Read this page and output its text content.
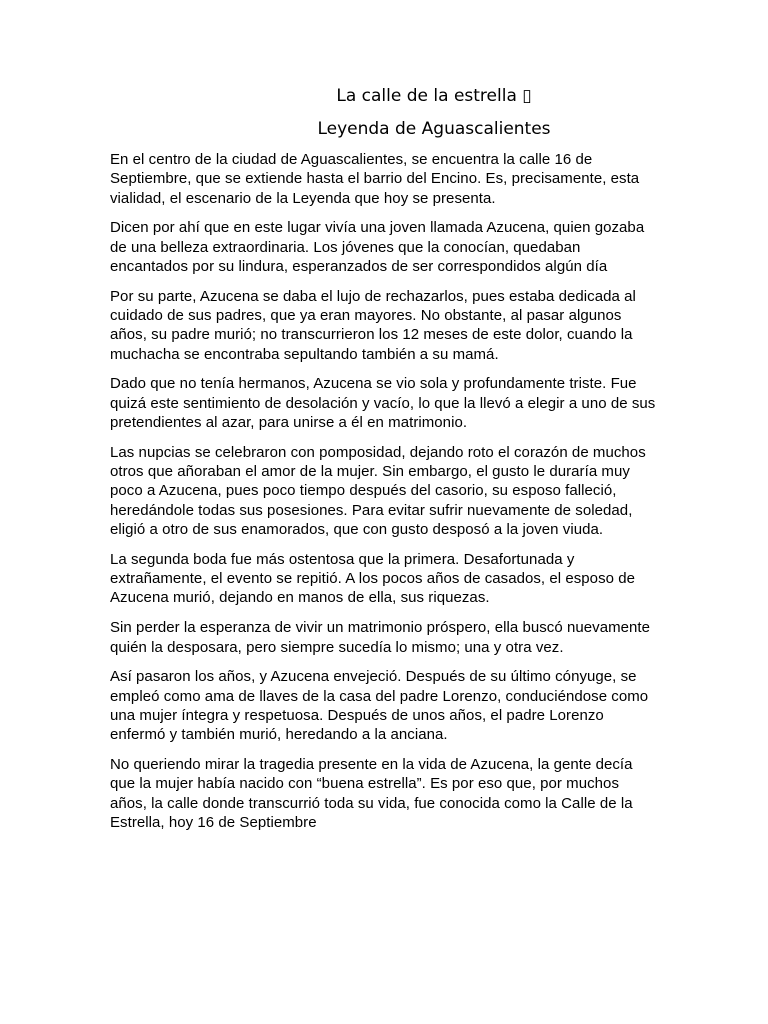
La calle de la estrella ▯
Leyenda de Aguascalientes

En el centro de la ciudad de Aguascalientes, se encuentra la calle 16 de Septiembre, que se extiende hasta el barrio del Encino. Es, precisamente, esta vialidad, el escenario de la Leyenda que hoy se presenta.

Dicen por ahí que en este lugar vivía una joven llamada Azucena, quien gozaba de una belleza extraordinaria. Los jóvenes que la conocían, quedaban encantados por su lindura, esperanzados de ser correspondidos algún día

Por su parte, Azucena se daba el lujo de rechazarlos, pues estaba dedicada al cuidado de sus padres, que ya eran mayores. No obstante, al pasar algunos años, su padre murió; no transcurrieron los 12 meses de este dolor, cuando la muchacha se encontraba sepultando también a su mamá.

Dado que no tenía hermanos, Azucena se vio sola y profundamente triste. Fue quizá este sentimiento de desolación y vacío, lo que la llevó a elegir a uno de sus pretendientes al azar, para unirse a él en matrimonio.

Las nupcias se celebraron con pomposidad, dejando roto el corazón de muchos otros que añoraban el amor de la mujer. Sin embargo, el gusto le duraría muy poco a Azucena, pues poco tiempo después del casorio, su esposo falleció, heredándole todas sus posesiones. Para evitar sufrir nuevamente de soledad, eligió a otro de sus enamorados, que con gusto desposó a la joven viuda.

La segunda boda fue más ostentosa que la primera. Desafortunada y extrañamente, el evento se repitió. A los pocos años de casados, el esposo de Azucena murió, dejando en manos de ella, sus riquezas.

Sin perder la esperanza de vivir un matrimonio próspero, ella buscó nuevamente quién la desposara, pero siempre sucedía lo mismo; una y otra vez.

Así pasaron los años, y Azucena envejeció. Después de su último cónyuge, se empleó como ama de llaves de la casa del padre Lorenzo, conduciéndose como una mujer íntegra y respetuosa. Después de unos años, el padre Lorenzo enfermó y también murió, heredando a la anciana.

No queriendo mirar la tragedia presente en la vida de Azucena, la gente decía que la mujer había nacido con “buena estrella”. Es por eso que, por muchos años, la calle donde transcurrió toda su vida, fue conocida como la Calle de la Estrella, hoy 16 de Septiembre
